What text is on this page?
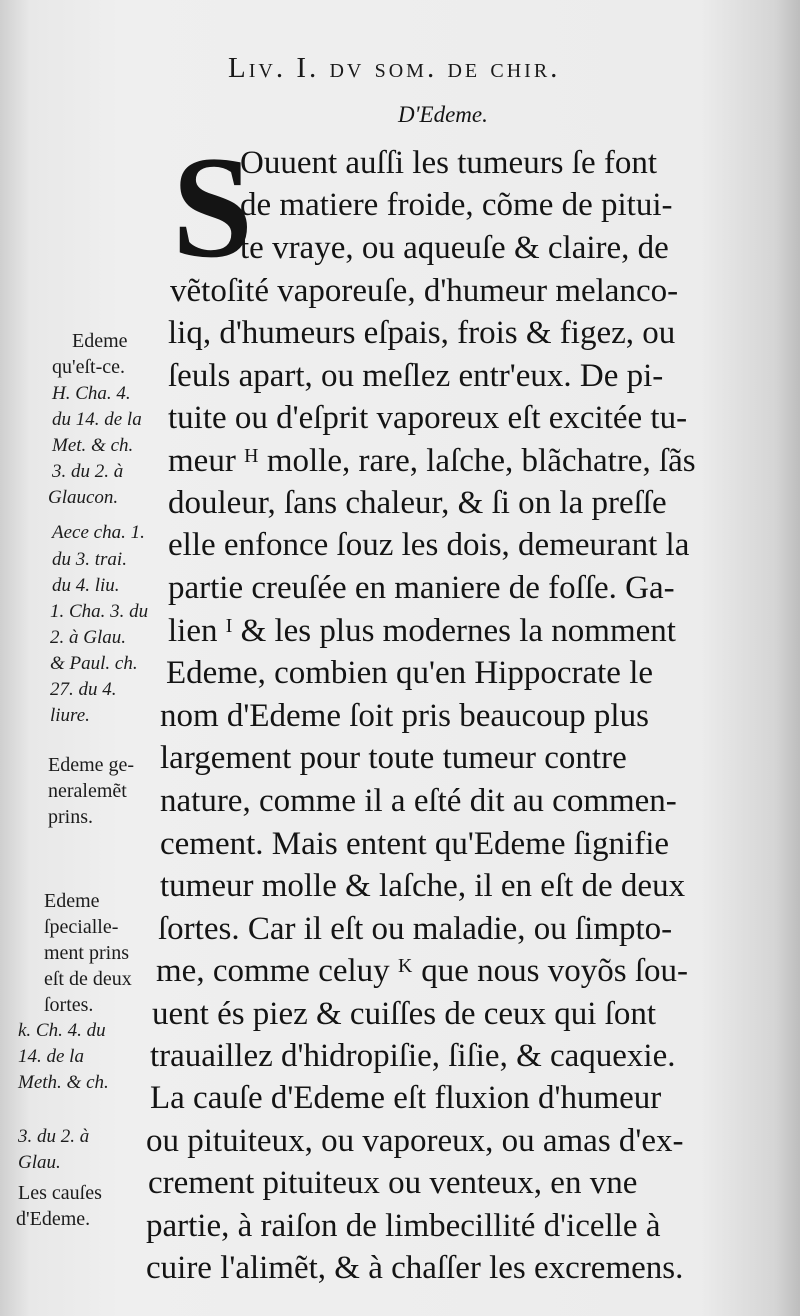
Liv. I. dv som. de chir.
D'Edeme.
S
Ouuent auſſi les tumeurs ſe font
de matiere froide, cõme de pitui-
te vraye, ou aqueuſe & claire, de
vẽtoſité vaporeuſe, d'humeur melanco-
liq, d'humeurs eſpais, frois & figez, ou
ſeuls apart, ou meſlez entr'eux. De pi-
tuite ou d'eſprit vaporeux eſt excitée tu-
meur ᴴ molle, rare, laſche, blãchatre, ſãs
douleur, ſans chaleur, & ſi on la preſſe
elle enfonce ſouz les dois, demeurant la
partie creuſée en maniere de foſſe. Ga-
lien ᴵ & les plus modernes la nomment
Edeme, combien qu'en Hippocrate le
nom d'Edeme ſoit pris beaucoup plus
largement pour toute tumeur contre
nature, comme il a eſté dit au commen-
cement. Mais entent qu'Edeme ſignifie
tumeur molle & laſche, il en eſt de deux
ſortes. Car il eſt ou maladie, ou ſimpto-
me, comme celuy ᴷ que nous voyõs ſou-
uent és piez & cuiſſes de ceux qui ſont
trauaillez d'hidropiſie, ſiſie, & caquexie.
La cauſe d'Edeme eſt fluxion d'humeur
ou pituiteux, ou vaporeux, ou amas d'ex-
crement pituiteux ou venteux, en vne
partie, à raiſon de limbecillité d'icelle à
cuire l'alimẽt, & à chaſſer les excremens.
Edeme
qu'eſt-ce.
H. Cha. 4.
du 14. de la
Met. & ch.
3. du 2. à
Glaucon.
Aece cha. 1.
du 3. trai.
du 4. liu.
1. Cha. 3. du
2. à Glau.
& Paul. ch.
27. du 4.
liure.
Edeme ge-
neralemẽt
prins.
Edeme
ſpecialle-
ment prins
eſt de deux
ſortes.
k. Ch. 4. du
14. de la
Meth. & ch.
3. du 2. à
Glau.
Les cauſes
d'Edeme.
